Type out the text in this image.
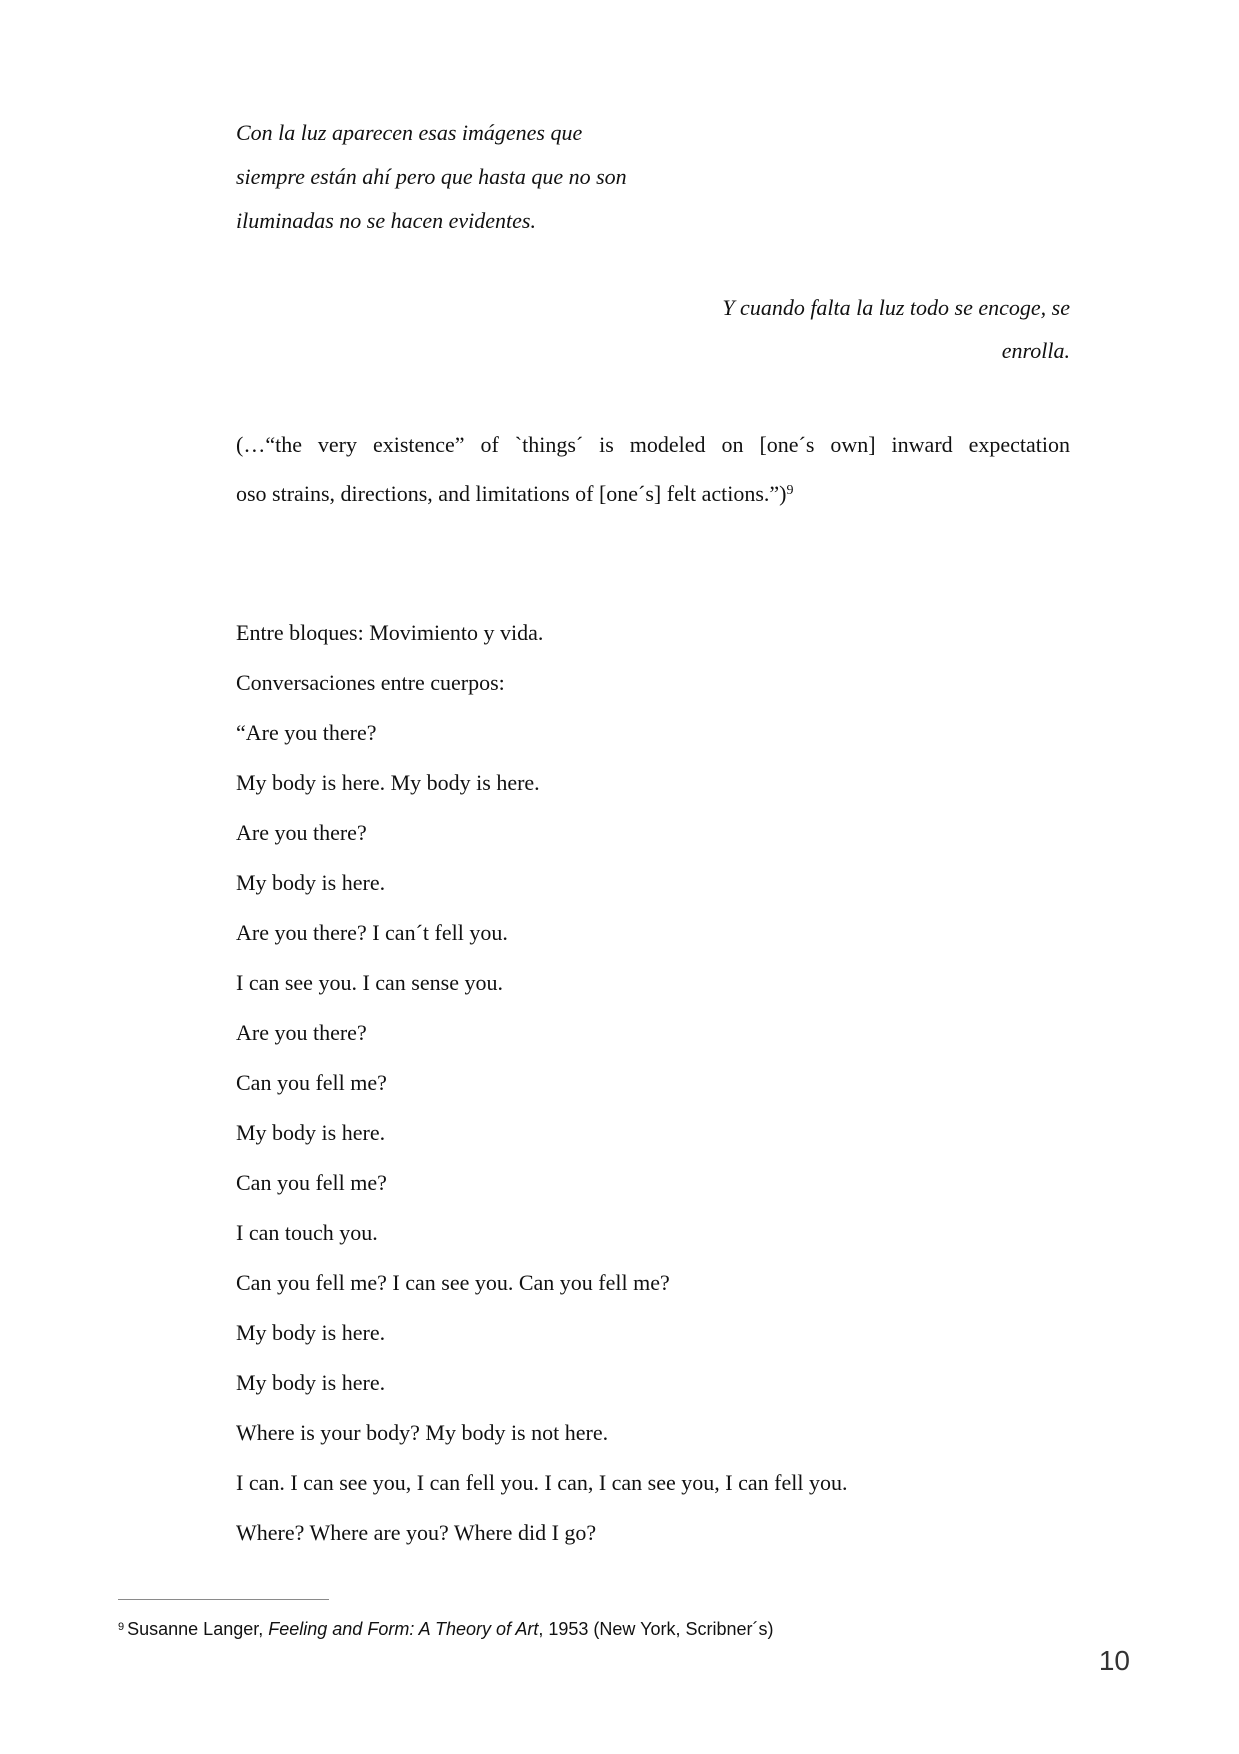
Con la luz aparecen esas imágenes que
siempre están ahí pero que hasta que no son
iluminadas no se hacen evidentes.
Y cuando falta la luz todo se encoge, se
enrolla.
(…“the very existence” of `things´ is modeled on [one´s own] inward expectation
oso strains, directions, and limitations of [one´s] felt actions.”)$^9$
Entre bloques: Movimiento y vida.
Conversaciones entre cuerpos:
“Are you there?
My body is here. My body is here.
Are you there?
My body is here.
Are you there? I can´t fell you.
I can see you. I can sense you.
Are you there?
Can you fell me?
My body is here.
Can you fell me?
I can touch you.
Can you fell me? I can see you. Can you fell me?
My body is here.
My body is here.
Where is your body? My body is not here.
I can. I can see you, I can fell you. I can, I can see you, I can fell you.
Where? Where are you? Where did I go?
$^9$ Susanne Langer, Feeling and Form: A Theory of Art, 1953 (New York, Scribner´s)
10
